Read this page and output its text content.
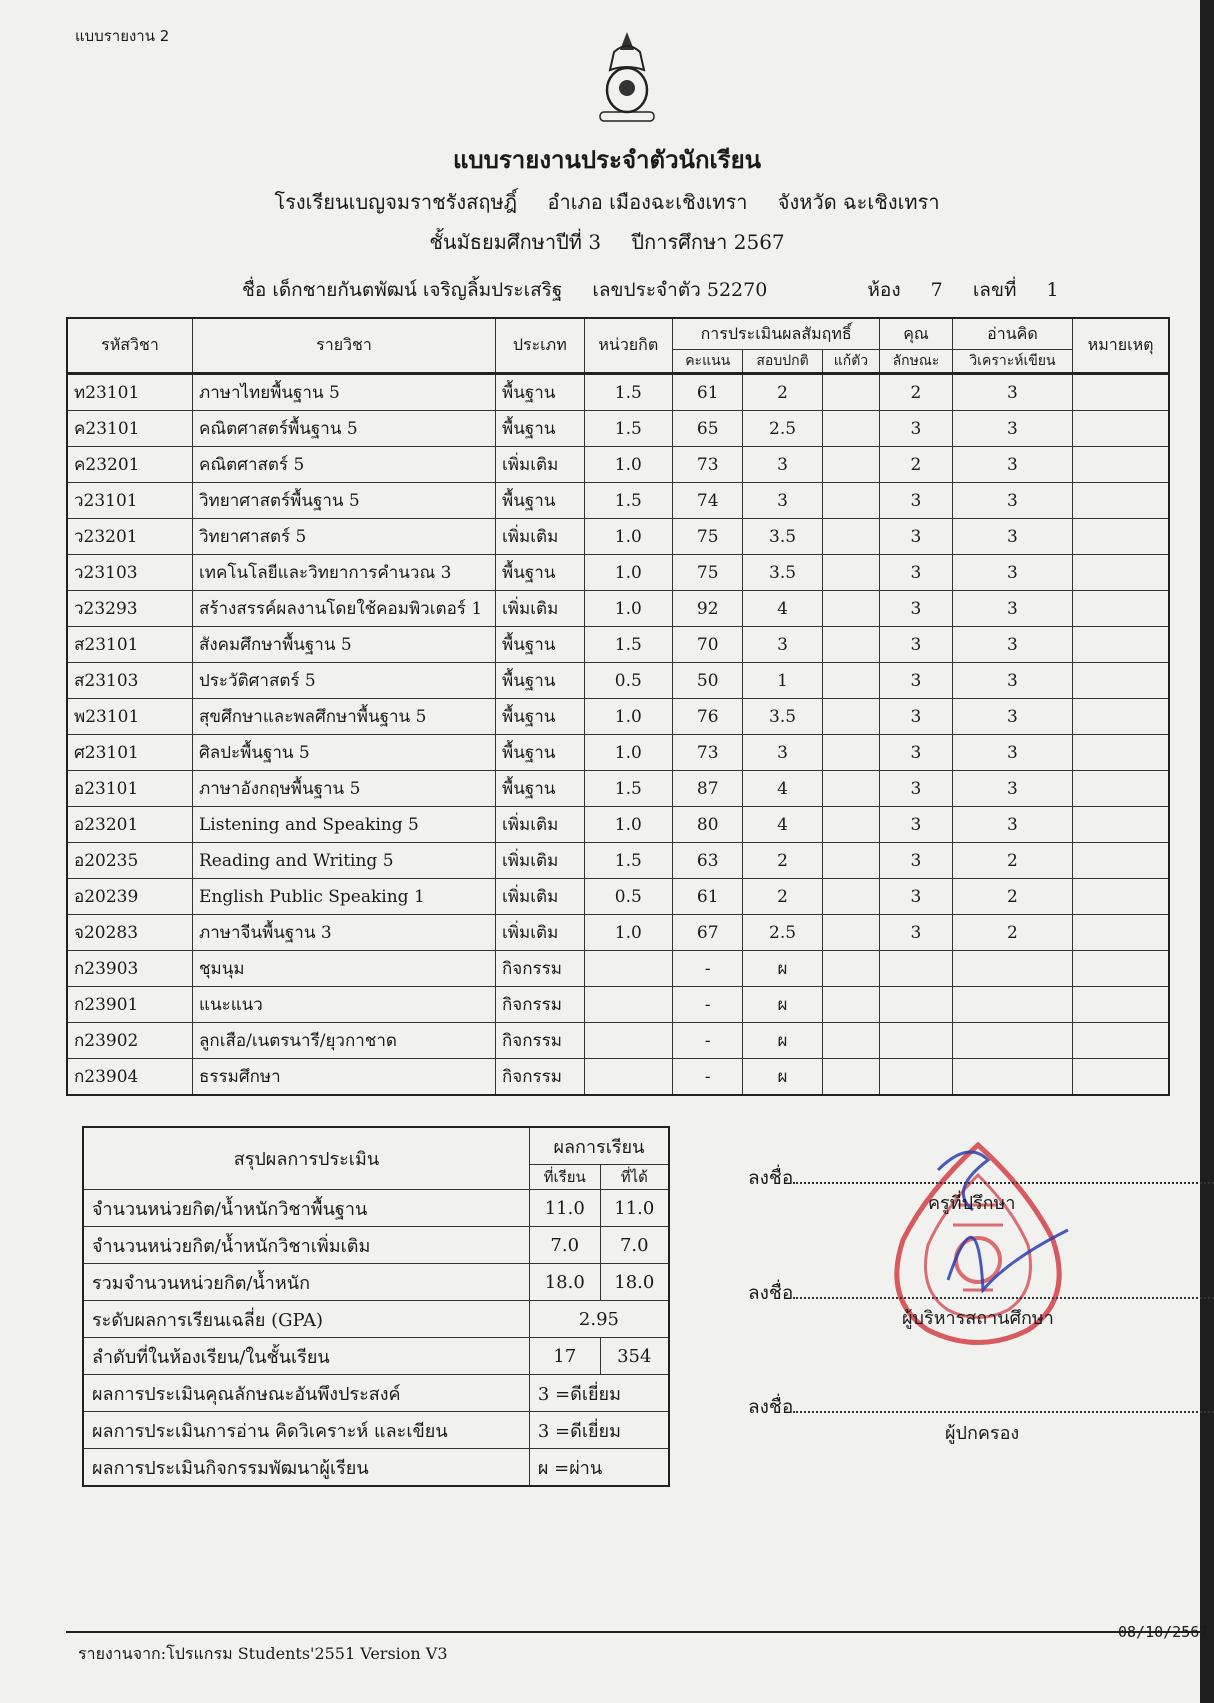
แบบรายงาน 2
แบบรายงานประจำตัวนักเรียน
โรงเรียนเบญจมราชรังสฤษฎิ์ อำเภอ เมืองฉะเชิงเทรา จังหวัด ฉะเชิงเทรา
ชั้นมัธยมศึกษาปีที่ 3 ปีการศึกษา 2567
ชื่อ เด็กชายกันตพัฒน์ เจริญลิ้มประเสริฐ เลขประจำตัว 52270	ห้อง 7 เลขที่ 1
รหัสวิชา	รายวิชา	ประเภท	หน่วยกิต	การประเมินผลสัมฤทธิ์			คุณ	อ่านคิด	หมายเหตุ
				คะแนน	สอบปกติ	แก้ตัว	ลักษณะ	วิเคราะห์เขียน	
ท23101	ภาษาไทยพื้นฐาน 5	พื้นฐาน	1.5	61	2		2	3	
ค23101	คณิตศาสตร์พื้นฐาน 5	พื้นฐาน	1.5	65	2.5		3	3	
ค23201	คณิตศาสตร์ 5	เพิ่มเติม	1.0	73	3		2	3	
ว23101	วิทยาศาสตร์พื้นฐาน 5	พื้นฐาน	1.5	74	3		3	3	
ว23201	วิทยาศาสตร์ 5	เพิ่มเติม	1.0	75	3.5		3	3	
ว23103	เทคโนโลยีและวิทยาการคำนวณ 3	พื้นฐาน	1.0	75	3.5		3	3	
ว23293	สร้างสรรค์ผลงานโดยใช้คอมพิวเตอร์ 1	เพิ่มเติม	1.0	92	4		3	3	
ส23101	สังคมศึกษาพื้นฐาน 5	พื้นฐาน	1.5	70	3		3	3	
ส23103	ประวัติศาสตร์ 5	พื้นฐาน	0.5	50	1		3	3	
พ23101	สุขศึกษาและพลศึกษาพื้นฐาน 5	พื้นฐาน	1.0	76	3.5		3	3	
ศ23101	ศิลปะพื้นฐาน 5	พื้นฐาน	1.0	73	3		3	3	
อ23101	ภาษาอังกฤษพื้นฐาน 5	พื้นฐาน	1.5	87	4		3	3	
อ23201	Listening and Speaking 5	เพิ่มเติม	1.0	80	4		3	3	
อ20235	Reading and Writing 5	เพิ่มเติม	1.5	63	2		3	2	
อ20239	English Public Speaking 1	เพิ่มเติม	0.5	61	2		3	2	
จ20283	ภาษาจีนพื้นฐาน 3	เพิ่มเติม	1.0	67	2.5		3	2	
ก23903	ชุมนุม	กิจกรรม		-	ผ				
ก23901	แนะแนว	กิจกรรม		-	ผ				
ก23902	ลูกเสือ/เนตรนารี/ยุวกาชาด	กิจกรรม		-	ผ				
ก23904	ธรรมศึกษา	กิจกรรม		-	ผ				
สรุปผลการประเมิน	ผลการเรียน	
	ที่เรียน	ที่ได้
จำนวนหน่วยกิต/น้ำหนักวิชาพื้นฐาน	11.0	11.0
จำนวนหน่วยกิต/น้ำหนักวิชาเพิ่มเติม	7.0	7.0
รวมจำนวนหน่วยกิต/น้ำหนัก	18.0	18.0
ระดับผลการเรียนเฉลี่ย (GPA)	2.95	
ลำดับที่ในห้องเรียน/ในชั้นเรียน	17	354
ผลการประเมินคุณลักษณะอันพึงประสงค์	3 =ดีเยี่ยม	
ผลการประเมินการอ่าน คิดวิเคราะห์ และเขียน	3 =ดีเยี่ยม	
ผลการประเมินกิจกรรมพัฒนาผู้เรียน	ผ =ผ่าน	
ลงชื่อ
ครูที่ปรึกษา
ลงชื่อ
ผู้บริหารสถานศึกษา
ลงชื่อ
ผู้ปกครอง
รายงานจาก:โปรแกรม Students'2551 Version V3
08/10/2567
